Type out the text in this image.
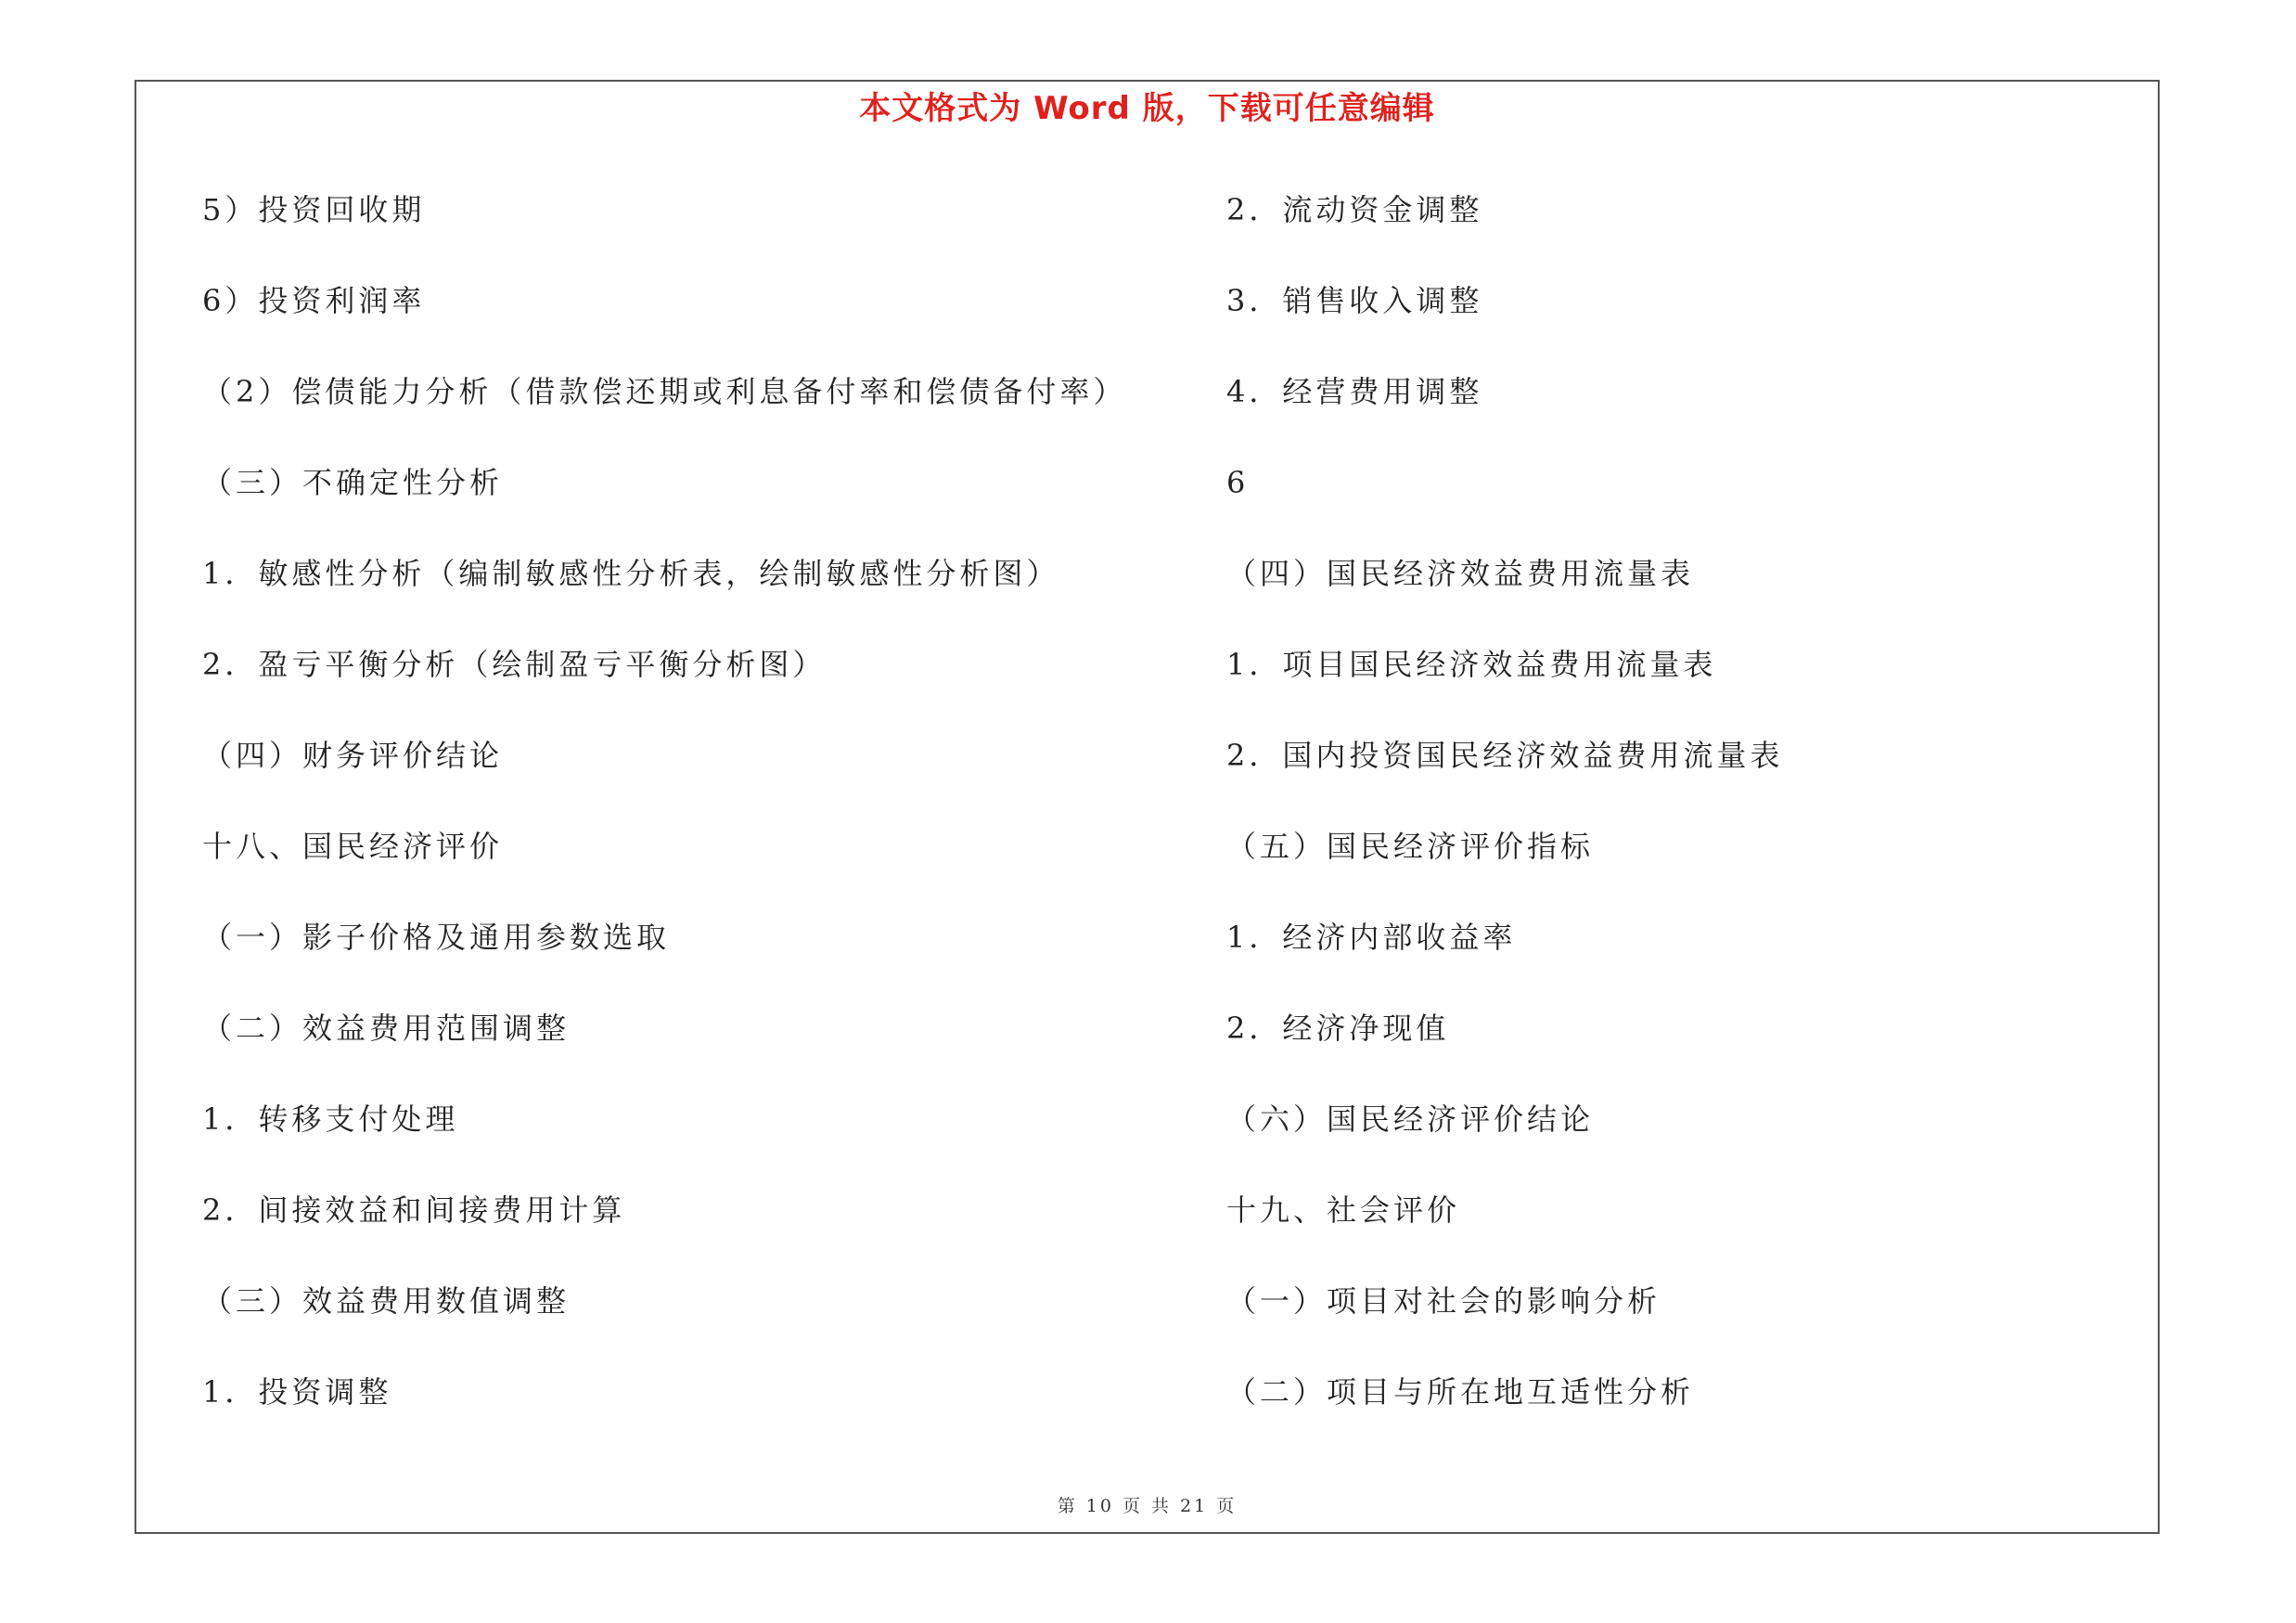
本文格式为 Word 版，下载可任意编辑
5）投资回收期
6）投资利润率
（2）偿债能力分析（借款偿还期或利息备付率和偿债备付率）
（三）不确定性分析
1．敏感性分析（编制敏感性分析表，绘制敏感性分析图）
2．盈亏平衡分析（绘制盈亏平衡分析图）
（四）财务评价结论
十八、国民经济评价
（一）影子价格及通用参数选取
（二）效益费用范围调整
1．转移支付处理
2．间接效益和间接费用计算
（三）效益费用数值调整
1．投资调整
2．流动资金调整
3．销售收入调整
4．经营费用调整
6
（四）国民经济效益费用流量表
1．项目国民经济效益费用流量表
2．国内投资国民经济效益费用流量表
（五）国民经济评价指标
1．经济内部收益率
2．经济净现值
（六）国民经济评价结论
十九、社会评价
（一）项目对社会的影响分析
（二）项目与所在地互适性分析
第 10 页 共 21 页
